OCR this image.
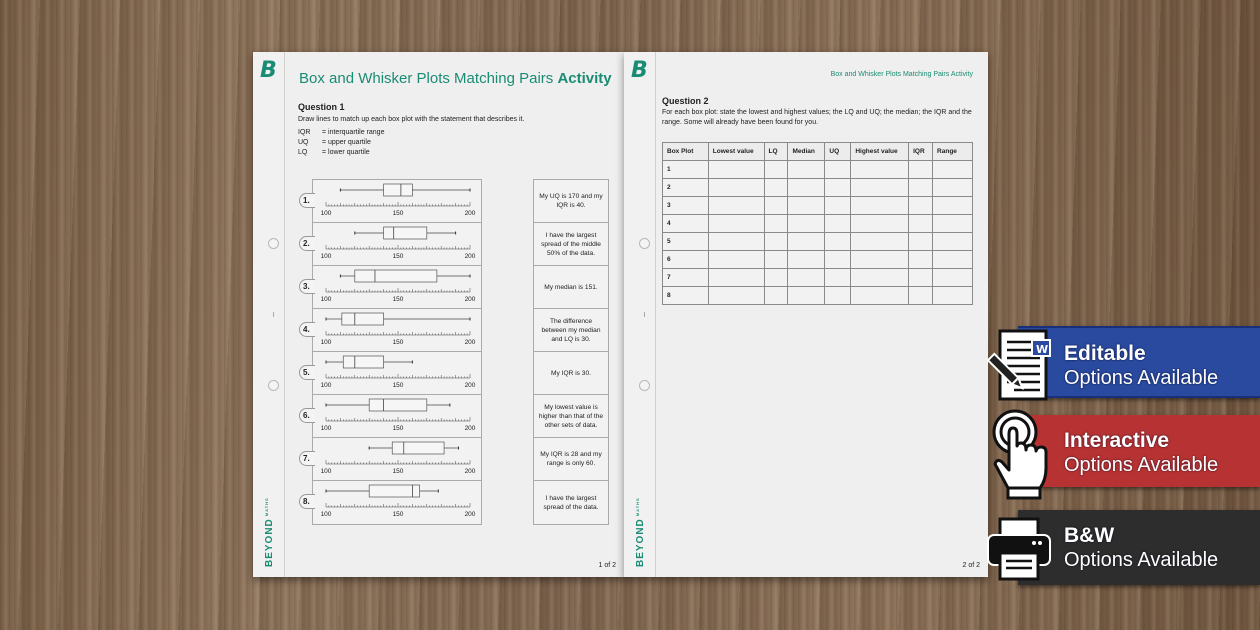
B
$BEYOND^{MATHS}$
Box and Whisker Plots Matching Pairs Activity
Question 1
Draw lines to match up each box plot with the statement that describes it.
IQR	= interquartile range
UQ	= upper quartile
LQ	= lower quartile
1.
100	150	200
2.
100	150	200
3.
100	150	200
4.
100	150	200
5.
100	150	200
6.
100	150	200
7.
100	150	200
8.
100	150	200
My UQ is 170 and my IQR is 40.
I have the largest spread of the middle 50% of the data.
My median is 151.
The difference between my median and LQ is 30.
My IQR is 30.
My lowest value is higher than that of the other sets of data.
My IQR is 28 and my range is only 60.
I have the largest spread of the data.
1 of 2
B
$BEYOND^{MATHS}$
Box and Whisker Plots Matching Pairs Activity
Question 2
For each box plot: state the lowest and highest values; the LQ and UQ; the median; the IQR and the range. Some will already have been found for you.
Box Plot	Lowest value	LQ	Median	UQ	Highest value	IQR	Range
1							
2							
3							
4							
5							
6							
7							
8							
2 of 2
Editable
Options Available
W
Interactive
Options Available
B&W
Options Available
